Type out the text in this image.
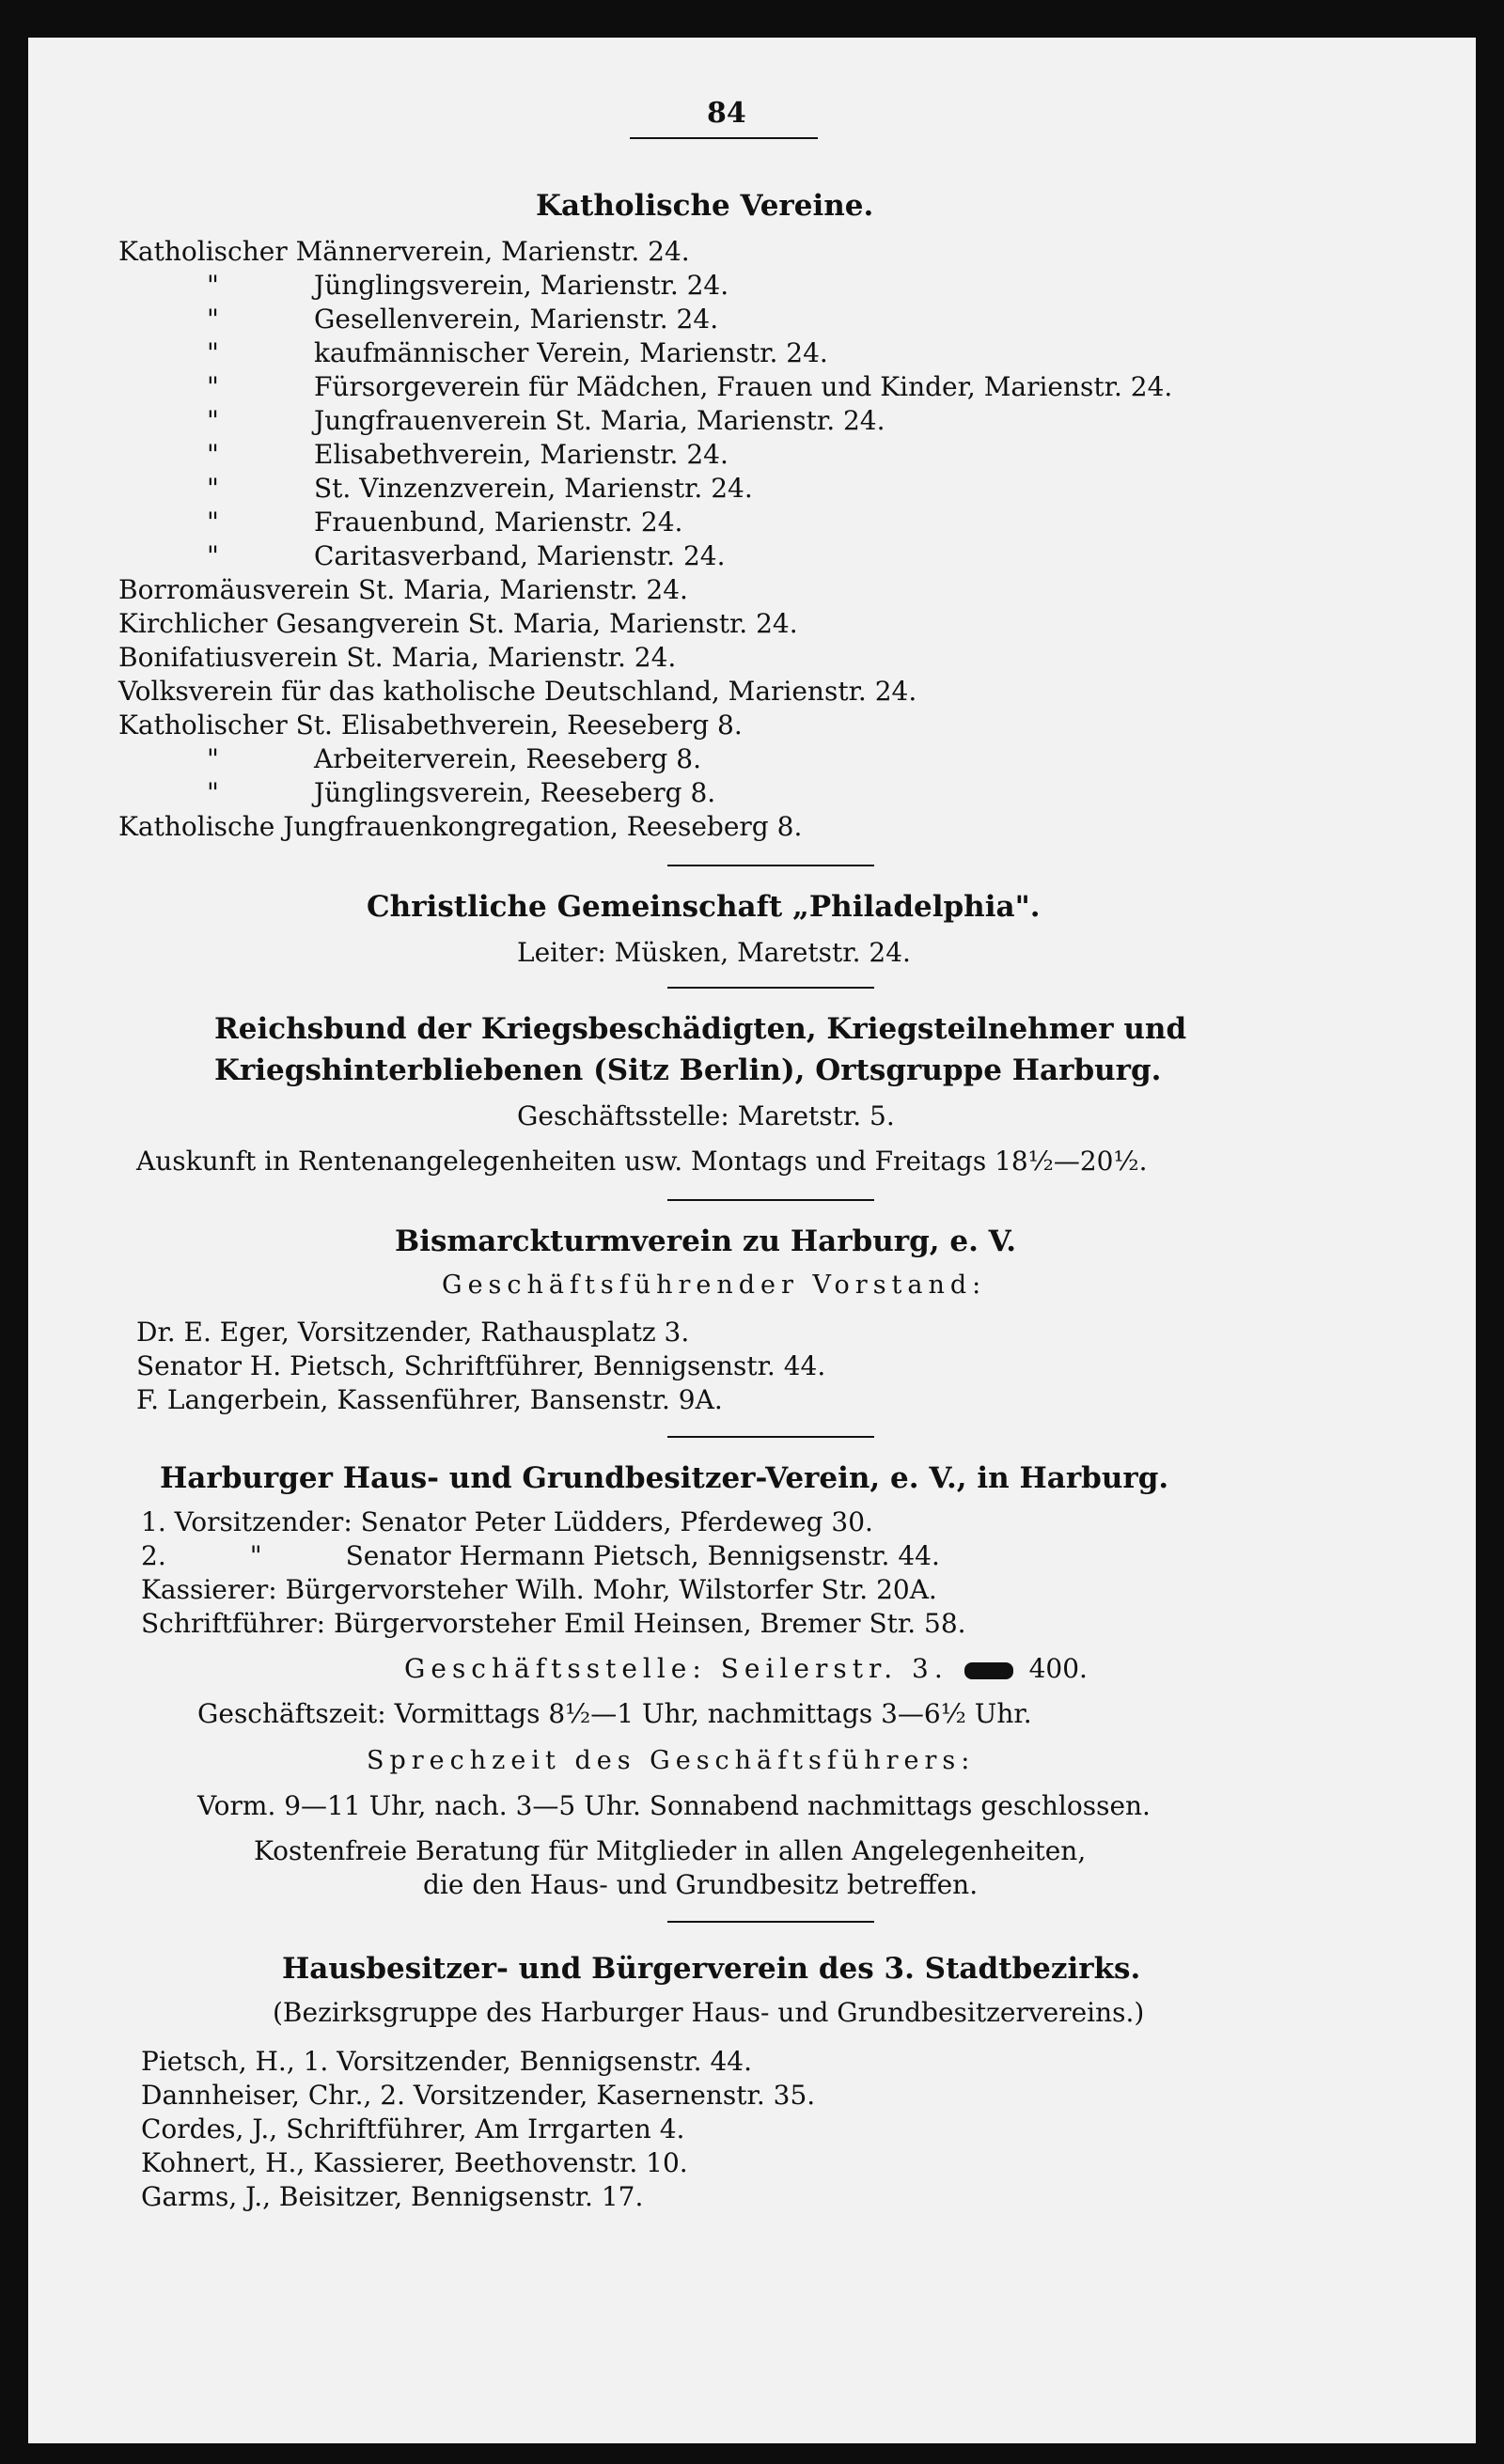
84
Katholische Vereine.
Katholischer Männerverein, Marienstr. 24.
"	Jünglingsverein, Marienstr. 24.
"	Gesellenverein, Marienstr. 24.
"	kaufmännischer Verein, Marienstr. 24.
"	Fürsorgeverein für Mädchen, Frauen und Kinder, Marienstr. 24.
"	Jungfrauenverein St. Maria, Marienstr. 24.
"	Elisabethverein, Marienstr. 24.
"	St. Vinzenzverein, Marienstr. 24.
"	Frauenbund, Marienstr. 24.
"	Caritasverband, Marienstr. 24.
Borromäusverein St. Maria, Marienstr. 24.
Kirchlicher Gesangverein St. Maria, Marienstr. 24.
Bonifatiusverein St. Maria, Marienstr. 24.
Volksverein für das katholische Deutschland, Marienstr. 24.
Katholischer St. Elisabethverein, Reeseberg 8.
"	Arbeiterverein, Reeseberg 8.
"	Jünglingsverein, Reeseberg 8.
Katholische Jungfrauenkongregation, Reeseberg 8.
Christliche Gemeinschaft „Philadelphia".
Leiter: Müsken, Maretstr. 24.
Reichsbund der Kriegsbeschädigten, Kriegsteilnehmer und
Kriegshinterbliebenen (Sitz Berlin), Ortsgruppe Harburg.
Geschäftsstelle: Maretstr. 5.
Auskunft in Rentenangelegenheiten usw. Montags und Freitags 18½—20½.
Bismarckturmverein zu Harburg, e. V.
Geschäftsführender Vorstand:
Dr. E. Eger, Vorsitzender, Rathausplatz 3.
Senator H. Pietsch, Schriftführer, Bennigsenstr. 44.
F. Langerbein, Kassenführer, Bansenstr. 9A.
Harburger Haus- und Grundbesitzer-Verein, e. V., in Harburg.
1. Vorsitzender: Senator Peter Lüdders, Pferdeweg 30.
2.          "          Senator Hermann Pietsch, Bennigsenstr. 44.
Kassierer: Bürgervorsteher Wilh. Mohr, Wilstorfer Str. 20A.
Schriftführer: Bürgervorsteher Emil Heinsen, Bremer Str. 58.
Geschäftsstelle: Seilerstr. 3.	400.
Geschäftszeit: Vormittags 8½—1 Uhr, nachmittags 3—6½ Uhr.
Sprechzeit des Geschäftsführers:
Vorm. 9—11 Uhr, nach. 3—5 Uhr. Sonnabend nachmittags geschlossen.
Kostenfreie Beratung für Mitglieder in allen Angelegenheiten,
die den Haus- und Grundbesitz betreffen.
Hausbesitzer- und Bürgerverein des 3. Stadtbezirks.
(Bezirksgruppe des Harburger Haus- und Grundbesitzervereins.)
Pietsch, H., 1. Vorsitzender, Bennigsenstr. 44.
Dannheiser, Chr., 2. Vorsitzender, Kasernenstr. 35.
Cordes, J., Schriftführer, Am Irrgarten 4.
Kohnert, H., Kassierer, Beethovenstr. 10.
Garms, J., Beisitzer, Bennigsenstr. 17.
